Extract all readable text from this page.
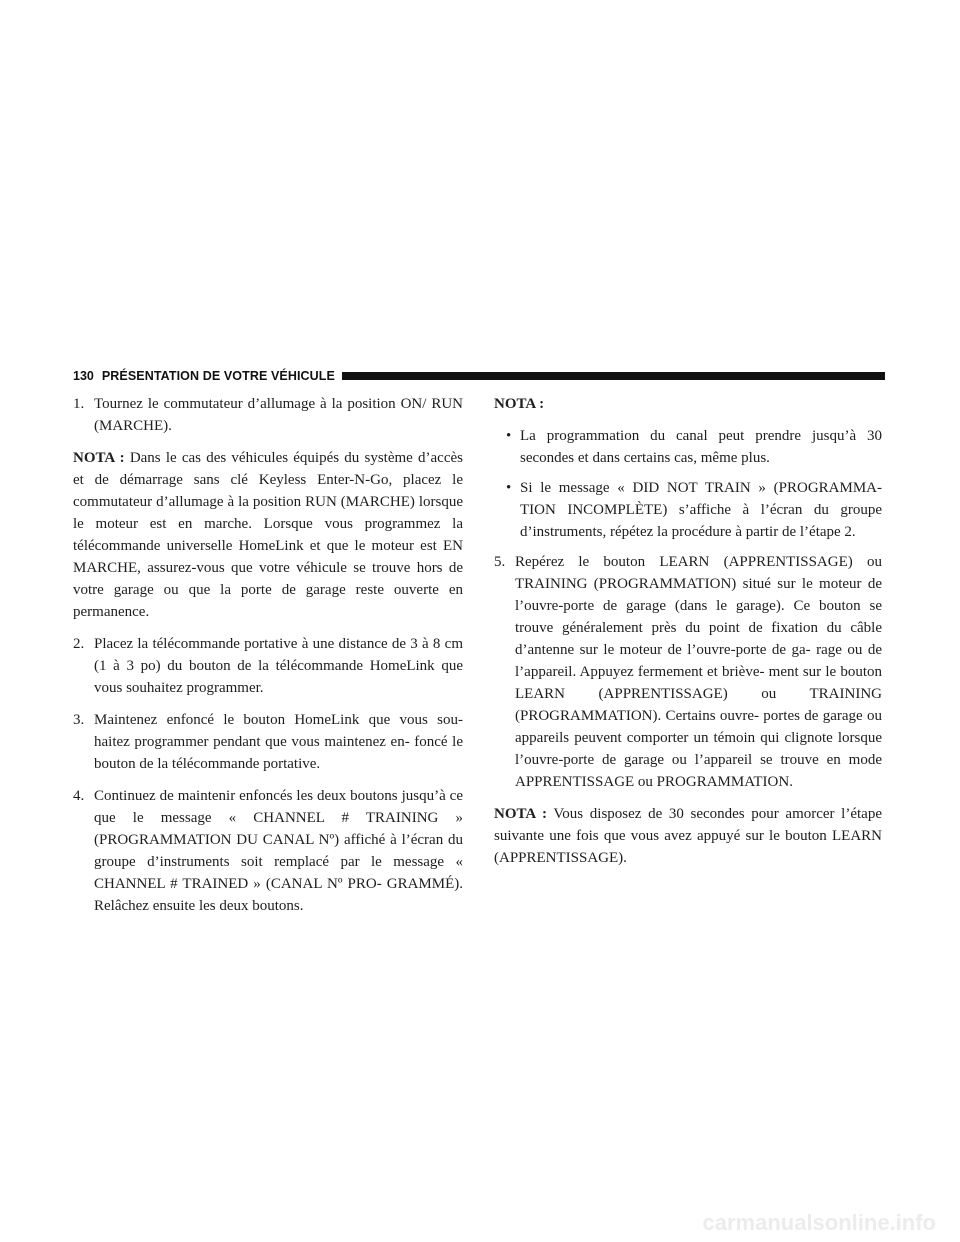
130 PRÉSENTATION DE VOTRE VÉHICULE
1. Tournez le commutateur d’allumage à la position ON/ RUN (MARCHE).

NOTA : Dans le cas des véhicules équipés du système d’accès et de démarrage sans clé Keyless Enter-N-Go, placez le commutateur d’allumage à la position RUN (MARCHE) lorsque le moteur est en marche. Lorsque vous programmez la télécommande universelle HomeLink et que le moteur est EN MARCHE, assurez-vous que votre véhicule se trouve hors de votre garage ou que la porte de garage reste ouverte en permanence.

2. Placez la télécommande portative à une distance de 3 à 8 cm (1 à 3 po) du bouton de la télécommande HomeLink que vous souhaitez programmer.
3. Maintenez enfoncé le bouton HomeLink que vous sou- haitez programmer pendant que vous maintenez en- foncé le bouton de la télécommande portative.
4. Continuez de maintenir enfoncés les deux boutons jusqu’à ce que le message « CHANNEL # TRAINING » (PROGRAMMATION DU CANAL Nº) affiché à l’écran du groupe d’instruments soit remplacé par le message « CHANNEL # TRAINED » (CANAL Nº PRO- GRAMMÉ). Relâchez ensuite les deux boutons.

NOTA :

• La programmation du canal peut prendre jusqu’à 30 secondes et dans certains cas, même plus.
• Si le message « DID NOT TRAIN » (PROGRAMMA- TION INCOMPLÈTE) s’affiche à l’écran du groupe d’instruments, répétez la procédure à partir de l’étape 2.
5. Repérez le bouton LEARN (APPRENTISSAGE) ou TRAINING (PROGRAMMATION) situé sur le moteur de l’ouvre-porte de garage (dans le garage). Ce bouton se trouve généralement près du point de fixation du câble d’antenne sur le moteur de l’ouvre-porte de ga- rage ou de l’appareil. Appuyez fermement et briève- ment sur le bouton LEARN (APPRENTISSAGE) ou TRAINING (PROGRAMMATION). Certains ouvre- portes de garage ou appareils peuvent comporter un témoin qui clignote lorsque l’ouvre-porte de garage ou l’appareil se trouve en mode APPRENTISSAGE ou PROGRAMMATION.

NOTA : Vous disposez de 30 secondes pour amorcer l’étape suivante une fois que vous avez appuyé sur le bouton LEARN (APPRENTISSAGE).

carmanualsonline.info
